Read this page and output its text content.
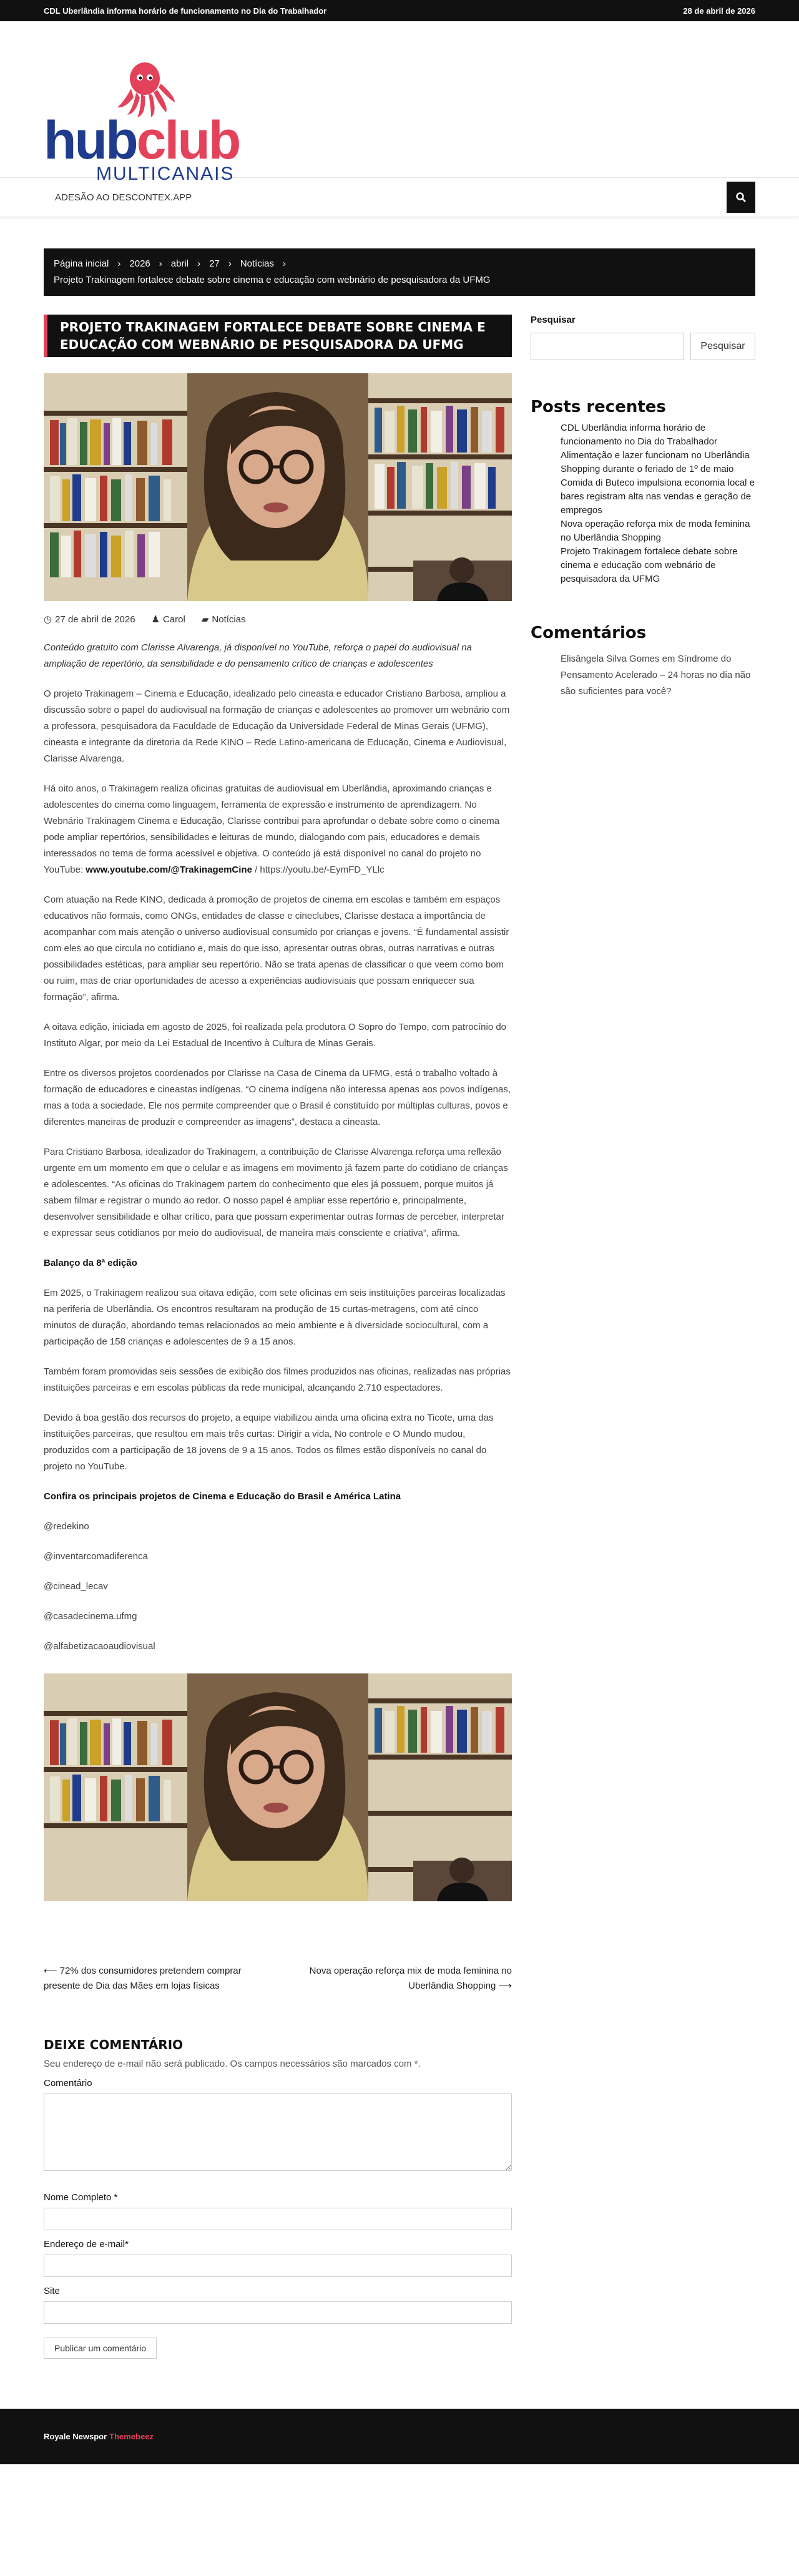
CDL Uberlândia informa horário de funcionamento no Dia do Trabalhador	28 de abril de 2026
hubclub
MULTICANAIS
ADESÃO AO DESCONTEX.APP
Página inicial › 2026 › abril › 27 › Notícias ›
Projeto Trakinagem fortalece debate sobre cinema e educação com webnário de pesquisadora da UFMG
PROJETO TRAKINAGEM FORTALECE DEBATE SOBRE CINEMA E EDUCAÇÃO COM WEBNÁRIO DE PESQUISADORA DA UFMG
◷ 27 de abril de 2026 ♟ Carol ▰ Notícias

Conteúdo gratuito com Clarisse Alvarenga, já disponível no YouTube, reforça o papel do audiovisual na ampliação de repertório, da sensibilidade e do pensamento crítico de crianças e adolescentes

O projeto Trakinagem – Cinema e Educação, idealizado pelo cineasta e educador Cristiano Barbosa, ampliou a discussão sobre o papel do audiovisual na formação de crianças e adolescentes ao promover um webnário com a professora, pesquisadora da Faculdade de Educação da Universidade Federal de Minas Gerais (UFMG), cineasta e integrante da diretoria da Rede KINO – Rede Latino-americana de Educação, Cinema e Audiovisual, Clarisse Alvarenga.

Há oito anos, o Trakinagem realiza oficinas gratuitas de audiovisual em Uberlândia, aproximando crianças e adolescentes do cinema como linguagem, ferramenta de expressão e instrumento de aprendizagem. No Webnário Trakinagem Cinema e Educação, Clarisse contribui para aprofundar o debate sobre como o cinema pode ampliar repertórios, sensibilidades e leituras de mundo, dialogando com pais, educadores e demais interessados no tema de forma acessível e objetiva. O conteúdo já está disponível no canal do projeto no YouTube: www.youtube.com/@TrakinagemCine / https://youtu.be/-EymFD_YLlc

Com atuação na Rede KINO, dedicada à promoção de projetos de cinema em escolas e também em espaços educativos não formais, como ONGs, entidades de classe e cineclubes, Clarisse destaca a importância de acompanhar com mais atenção o universo audiovisual consumido por crianças e jovens. “É fundamental assistir com eles ao que circula no cotidiano e, mais do que isso, apresentar outras obras, outras narrativas e outras possibilidades estéticas, para ampliar seu repertório. Não se trata apenas de classificar o que veem como bom ou ruim, mas de criar oportunidades de acesso a experiências audiovisuais que possam enriquecer sua formação”, afirma.

A oitava edição, iniciada em agosto de 2025, foi realizada pela produtora O Sopro do Tempo, com patrocínio do Instituto Algar, por meio da Lei Estadual de Incentivo à Cultura de Minas Gerais.

Entre os diversos projetos coordenados por Clarisse na Casa de Cinema da UFMG, está o trabalho voltado à formação de educadores e cineastas indígenas. “O cinema indígena não interessa apenas aos povos indígenas, mas a toda a sociedade. Ele nos permite compreender que o Brasil é constituído por múltiplas culturas, povos e diferentes maneiras de produzir e compreender as imagens”, destaca a cineasta.

Para Cristiano Barbosa, idealizador do Trakinagem, a contribuição de Clarisse Alvarenga reforça uma reflexão urgente em um momento em que o celular e as imagens em movimento já fazem parte do cotidiano de crianças e adolescentes. “As oficinas do Trakinagem partem do conhecimento que eles já possuem, porque muitos já sabem filmar e registrar o mundo ao redor. O nosso papel é ampliar esse repertório e, principalmente, desenvolver sensibilidade e olhar crítico, para que possam experimentar outras formas de perceber, interpretar e expressar seus cotidianos por meio do audiovisual, de maneira mais consciente e criativa”, afirma.

Balanço da 8ª edição

Em 2025, o Trakinagem realizou sua oitava edição, com sete oficinas em seis instituições parceiras localizadas na periferia de Uberlândia. Os encontros resultaram na produção de 15 curtas-metragens, com até cinco minutos de duração, abordando temas relacionados ao meio ambiente e à diversidade sociocultural, com a participação de 158 crianças e adolescentes de 9 a 15 anos.

Também foram promovidas seis sessões de exibição dos filmes produzidos nas oficinas, realizadas nas próprias instituições parceiras e em escolas públicas da rede municipal, alcançando 2.710 espectadores.

Devido à boa gestão dos recursos do projeto, a equipe viabilizou ainda uma oficina extra no Ticote, uma das instituições parceiras, que resultou em mais três curtas: Dirigir a vida, No controle e O Mundo mudou, produzidos com a participação de 18 jovens de 9 a 15 anos. Todos os filmes estão disponíveis no canal do projeto no YouTube.

Confira os principais projetos de Cinema e Educação do Brasil e América Latina

@redekino

@inventarcomadiferenca

@cinead_lecav

@casadecinema.ufmg

@alfabetizacaoaudiovisual

⟵ 72% dos consumidores pretendem comprar presente de Dia das Mães em lojas físicas
Nova operação reforça mix de moda feminina no Uberlândia Shopping ⟶
DEIXE COMENTÁRIO

Seu endereço de e-mail não será publicado. Os campos necessários são marcados com *.

Comentário
Nome Completo *
Endereço de e-mail*
Site
Publicar um comentário
Pesquisar
Pesquisar
Posts recentes
CDL Uberlândia informa horário de funcionamento no Dia do Trabalhador
Alimentação e lazer funcionam no Uberlândia Shopping durante o feriado de 1º de maio
Comida di Buteco impulsiona economia local e bares registram alta nas vendas e geração de empregos
Nova operação reforça mix de moda feminina no Uberlândia Shopping
Projeto Trakinagem fortalece debate sobre cinema e educação com webnário de pesquisadora da UFMG
Comentários

Elisângela Silva Gomes em Síndrome do Pensamento Acelerado – 24 horas no dia não são suficientes para você?

Royale News por Themebeez
